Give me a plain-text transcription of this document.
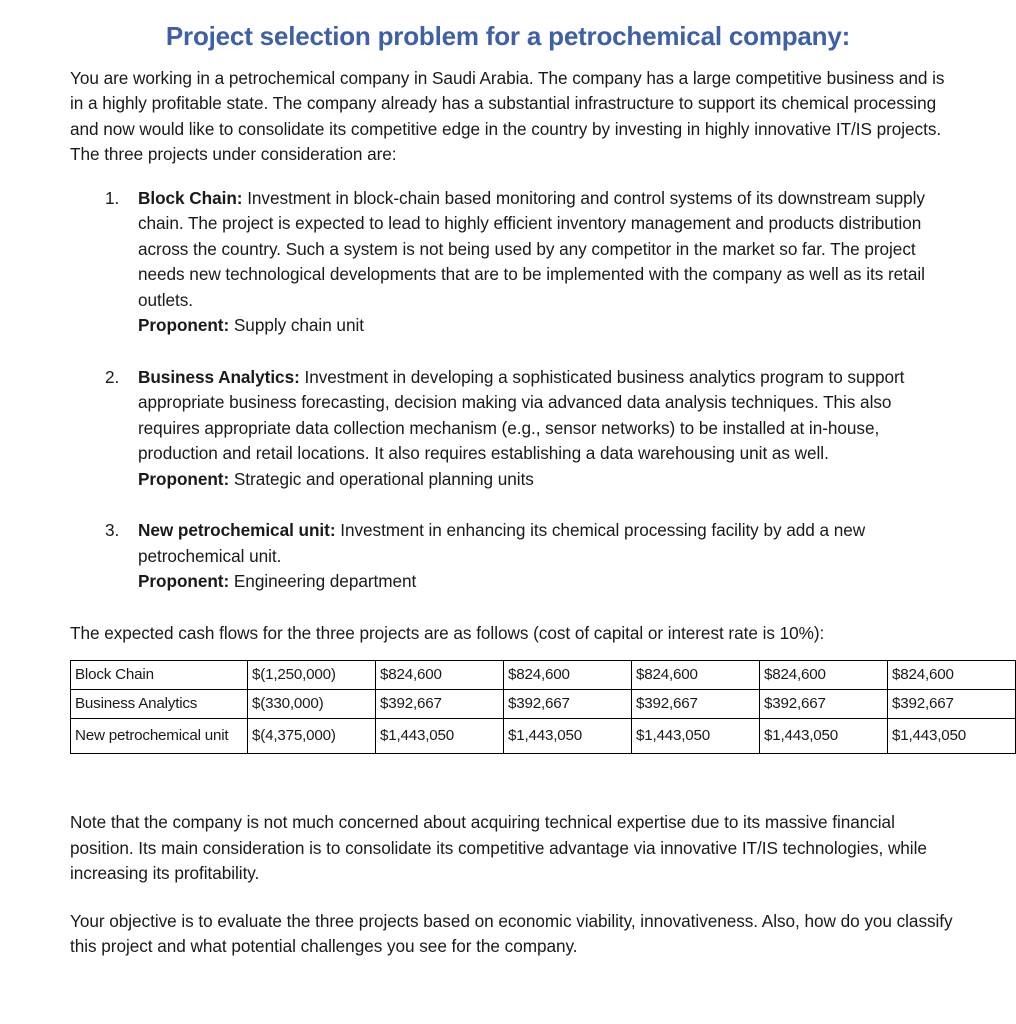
Project selection problem for a petrochemical company:

You are working in a petrochemical company in Saudi Arabia. The company has a large competitive business and is in a highly profitable state. The company already has a substantial infrastructure to support its chemical processing and now would like to consolidate its competitive edge in the country by investing in highly innovative IT/IS projects. The three projects under consideration are:

Block Chain: Investment in block-chain based monitoring and control systems of its downstream supply chain. The project is expected to lead to highly efficient inventory management and products distribution across the country. Such a system is not being used by any competitor in the market so far. The project needs new technological developments that are to be implemented with the company as well as its retail outlets.
Proponent: Supply chain unit
Business Analytics: Investment in developing a sophisticated business analytics program to support appropriate business forecasting, decision making via advanced data analysis techniques. This also requires appropriate data collection mechanism (e.g., sensor networks) to be installed at in-house, production and retail locations. It also requires establishing a data warehousing unit as well.
Proponent: Strategic and operational planning units
New petrochemical unit: Investment in enhancing its chemical processing facility by add a new petrochemical unit.
Proponent: Engineering department

The expected cash flows for the three projects are as follows (cost of capital or interest rate is 10%):

Block Chain	$(1,250,000)	$824,600	$824,600	$824,600	$824,600	$824,600
Business Analytics	$(330,000)	$392,667	$392,667	$392,667	$392,667	$392,667
New petrochemical unit	$(4,375,000)	$1,443,050	$1,443,050	$1,443,050	$1,443,050	$1,443,050

Note that the company is not much concerned about acquiring technical expertise due to its massive financial position. Its main consideration is to consolidate its competitive advantage via innovative IT/IS technologies, while increasing its profitability.

Your objective is to evaluate the three projects based on economic viability, innovativeness. Also, how do you classify this project and what potential challenges you see for the company.
